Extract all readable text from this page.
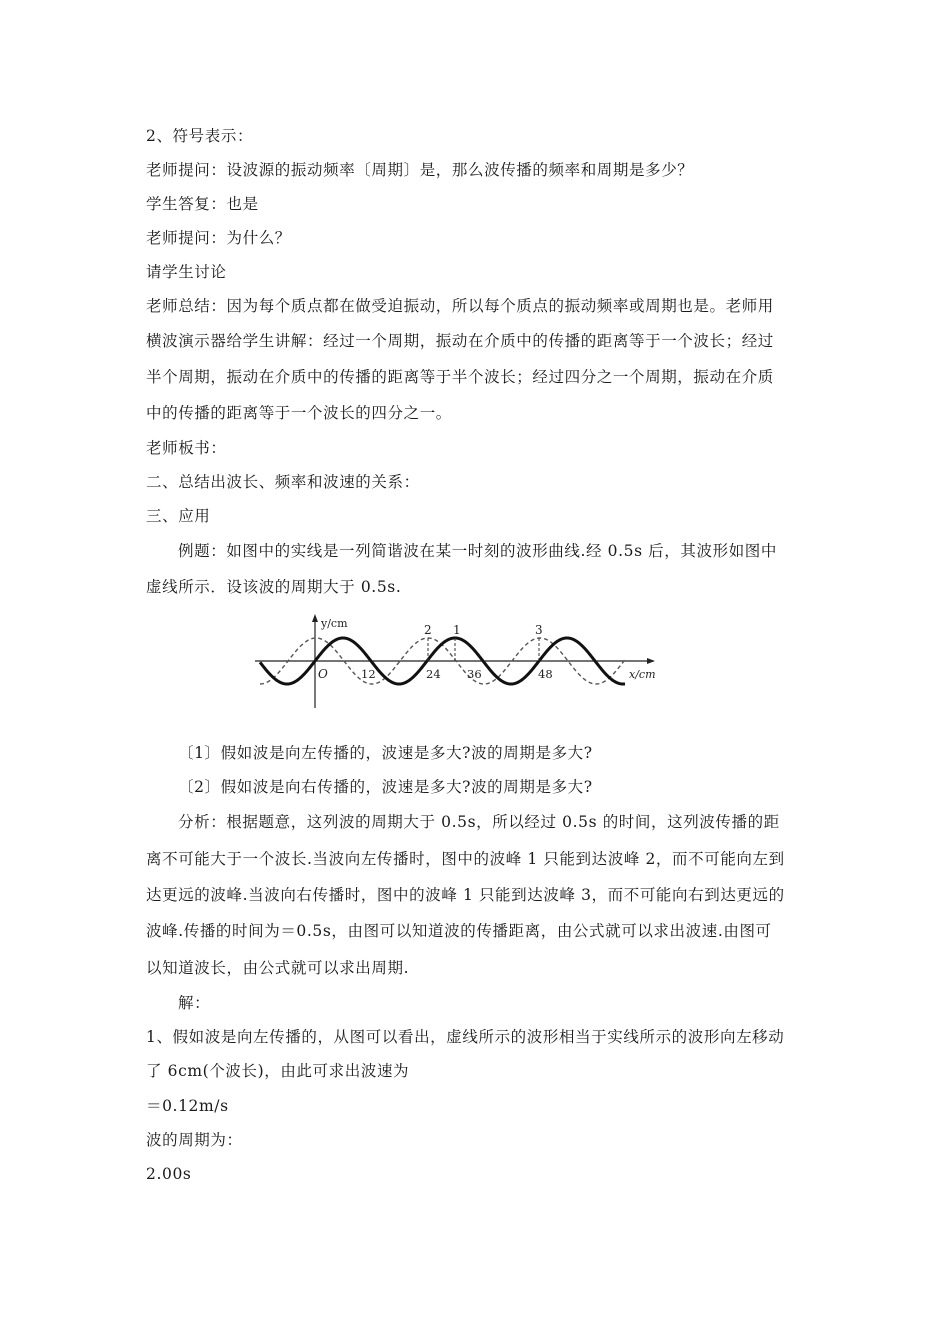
2、符号表示：
老师提问：设波源的振动频率〔周期〕是，那么波传播的频率和周期是多少？
学生答复：也是
老师提问：为什么？
请学生讨论
老师总结：因为每个质点都在做受迫振动，所以每个质点的振动频率或周期也是。老师用
横波演示器给学生讲解：经过一个周期，振动在介质中的传播的距离等于一个波长；经过
半个周期，振动在介质中的传播的距离等于半个波长；经过四分之一个周期，振动在介质
中的传播的距离等于一个波长的四分之一。
老师板书：
二、总结出波长、频率和波速的关系：
三、应用
例题：如图中的实线是一列简谐波在某一时刻的波形曲线.经 0.5s 后，其波形如图中
虚线所示．设该波的周期大于 0.5s.
y/cm
x/cm
O
2 1	3
12	24 36	48
〔1〕假如波是向左传播的，波速是多大?波的周期是多大?
〔2〕假如波是向右传播的，波速是多大?波的周期是多大?
分析：根据题意，这列波的周期大于 0.5s，所以经过 0.5s 的时间，这列波传播的距
离不可能大于一个波长.当波向左传播时，图中的波峰 1 只能到达波峰 2，而不可能向左到
达更远的波峰.当波向右传播时，图中的波峰 1 只能到达波峰 3，而不可能向右到达更远的
波峰.传播的时间为＝0.5s，由图可以知道波的传播距离，由公式就可以求出波速.由图可
以知道波长，由公式就可以求出周期.
解：
1、假如波是向左传播的，从图可以看出，虚线所示的波形相当于实线所示的波形向左移动
了 6cm(个波长)，由此可求出波速为
＝0.12m/s
波的周期为：
2.00s
